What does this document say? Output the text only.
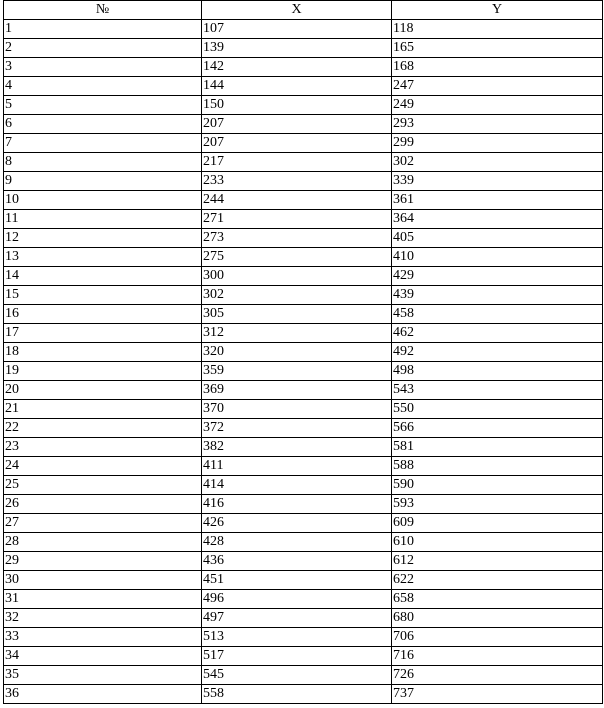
№	X	Y
1	107	118
2	139	165
3	142	168
4	144	247
5	150	249
6	207	293
7	207	299
8	217	302
9	233	339
10	244	361
11	271	364
12	273	405
13	275	410
14	300	429
15	302	439
16	305	458
17	312	462
18	320	492
19	359	498
20	369	543
21	370	550
22	372	566
23	382	581
24	411	588
25	414	590
26	416	593
27	426	609
28	428	610
29	436	612
30	451	622
31	496	658
32	497	680
33	513	706
34	517	716
35	545	726
36	558	737
